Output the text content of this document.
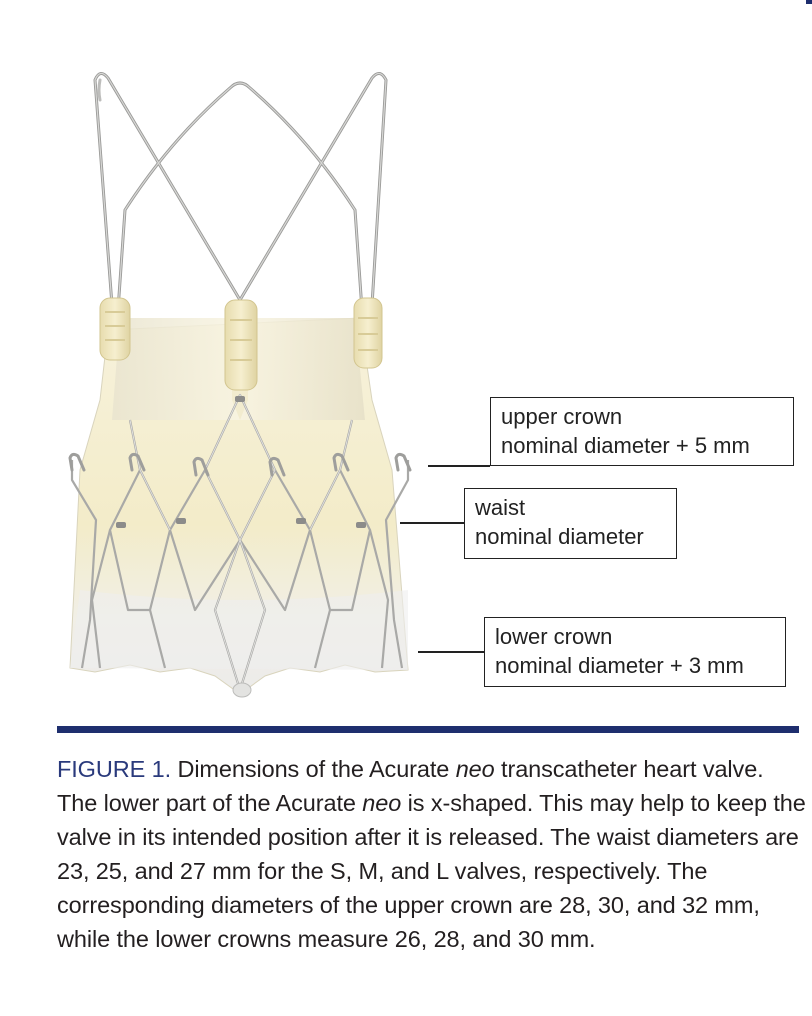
upper crown
nominal diameter + 5 mm
waist
nominal diameter
lower crown
nominal diameter + 3 mm

FIGURE 1. Dimensions of the Acurate neo transcatheter heart valve. The lower part of the Acurate neo is x-shaped. This may help to keep the valve in its intended position after it is released. The waist diameters are 23, 25, and 27 mm for the S, M, and L valves, respectively. The corresponding diameters of the upper crown are 28, 30, and 32 mm, while the lower crowns measure 26, 28, and 30 mm.
